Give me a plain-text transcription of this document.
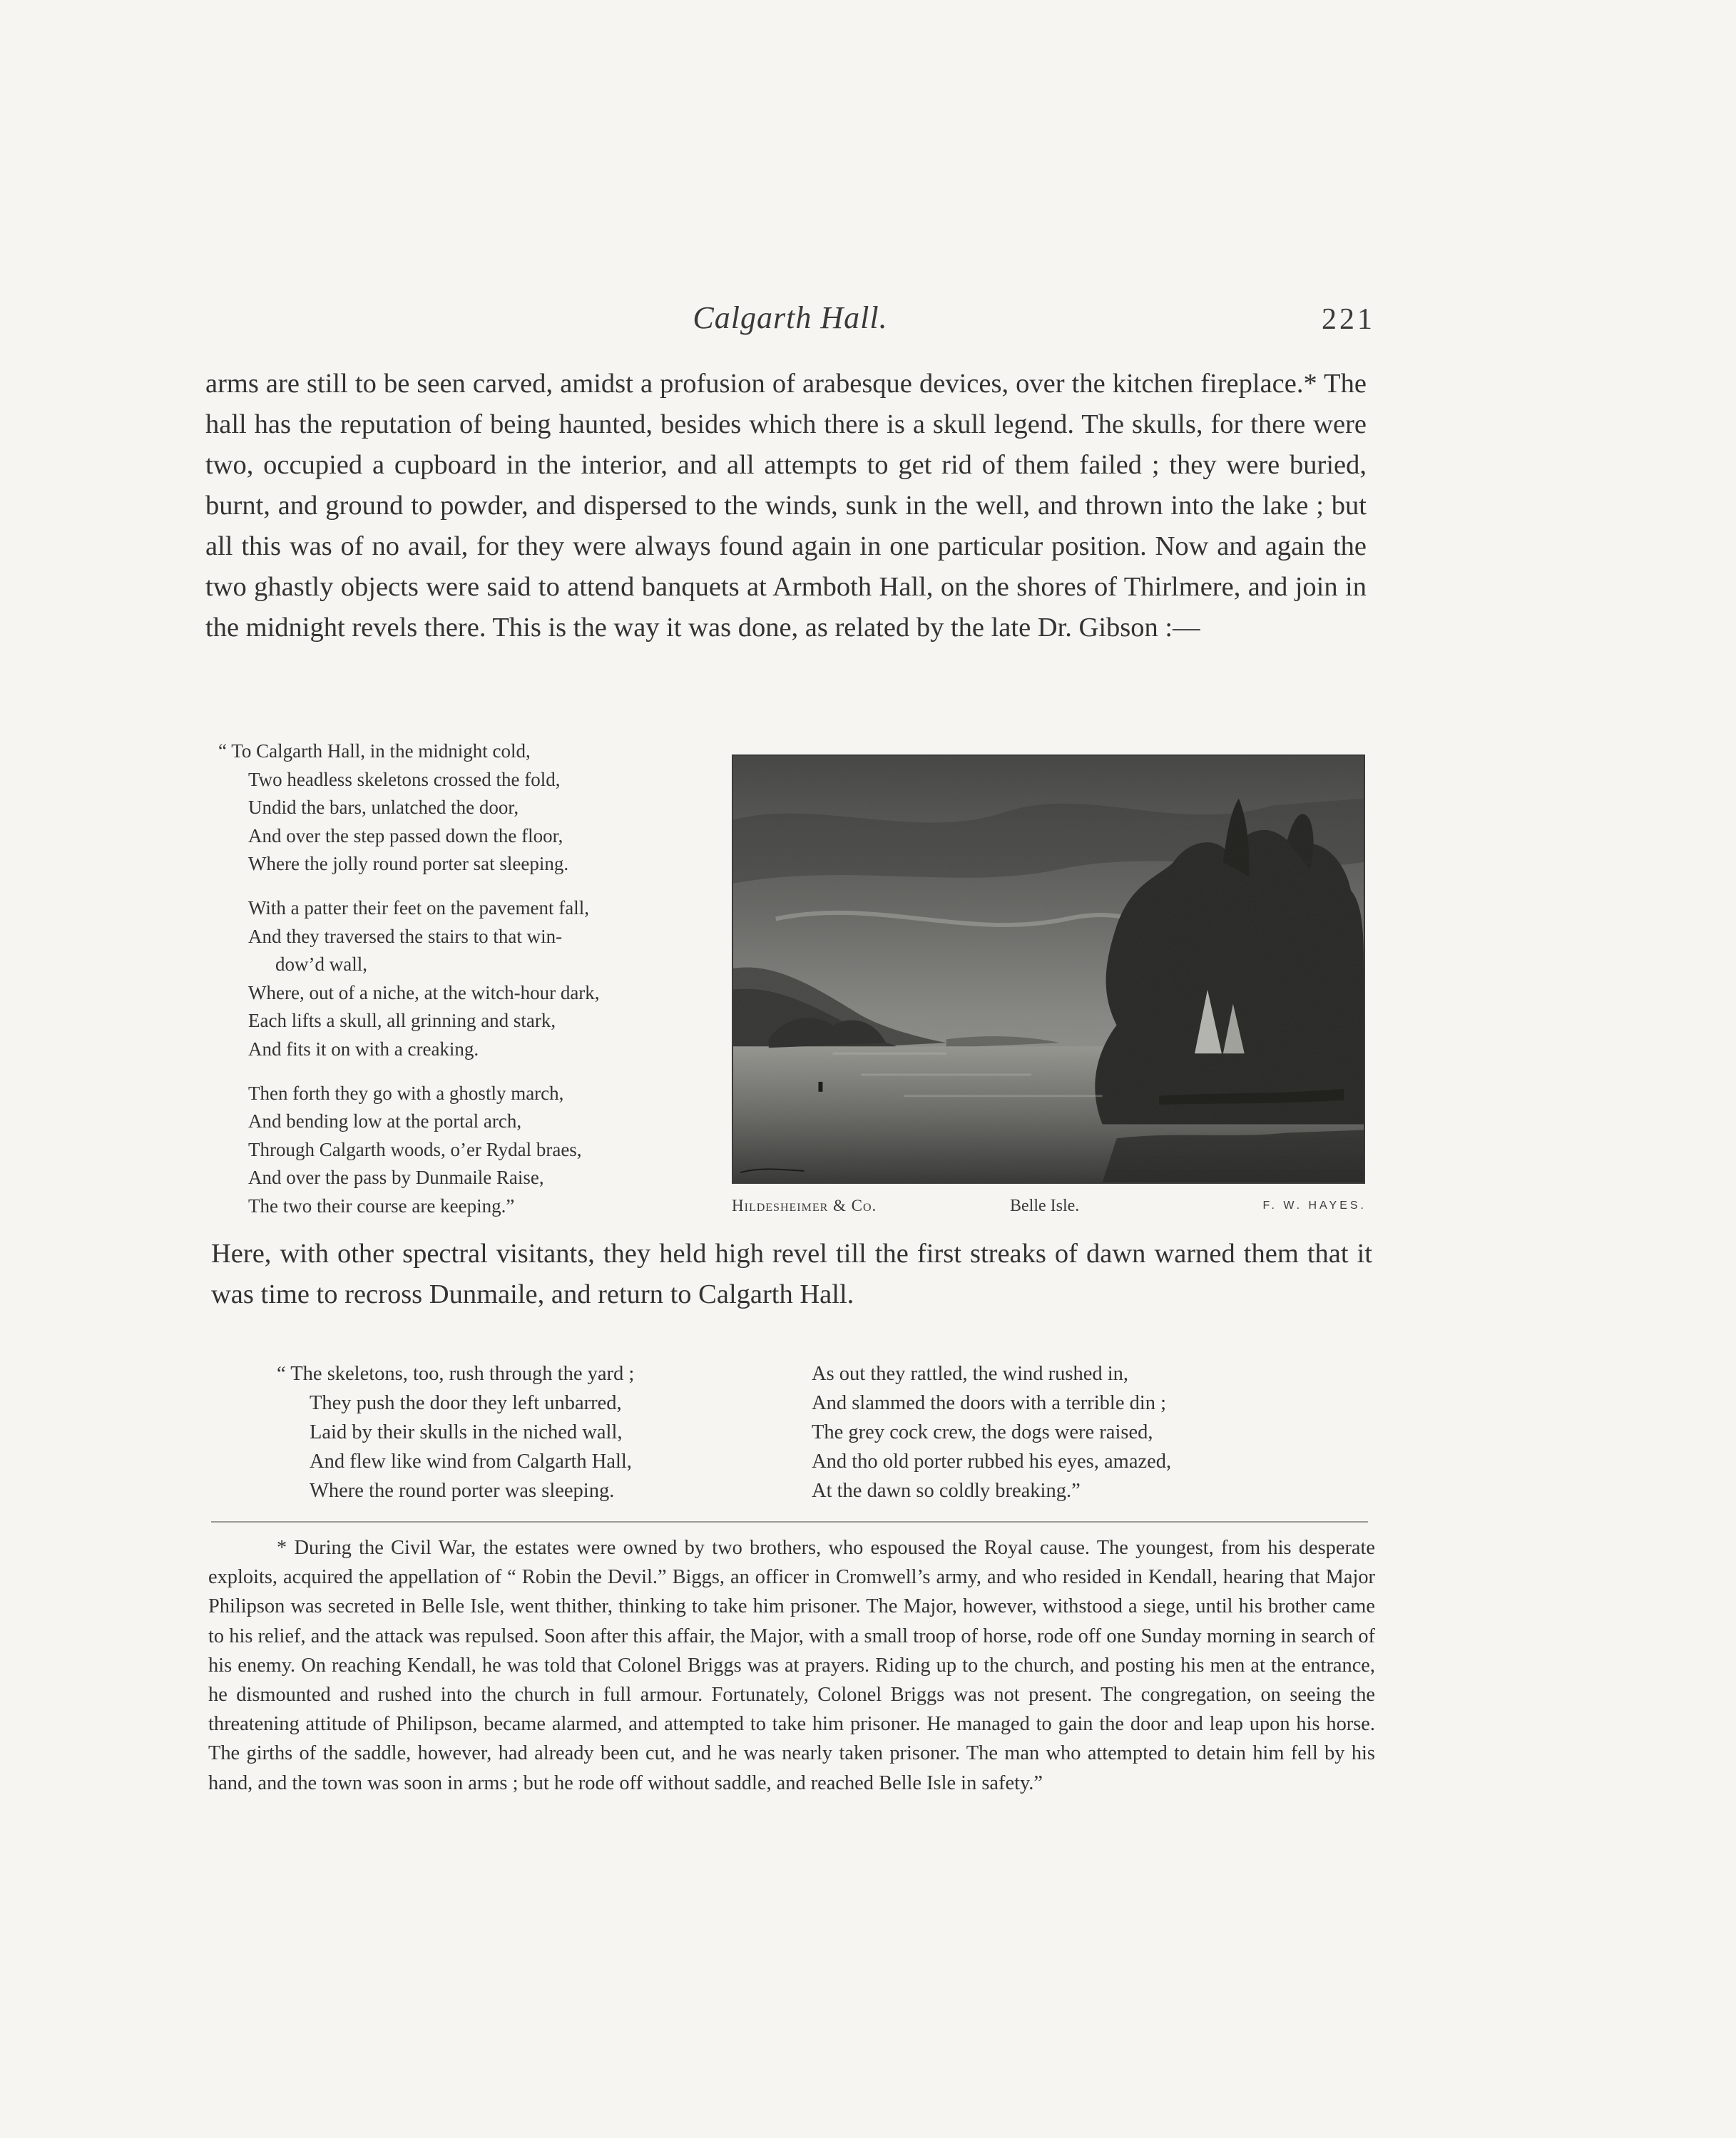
Calgarth Hall.	221

arms are still to be seen carved, amidst a profusion of arabesque devices, over the kitchen fireplace.* The hall has the reputation of being haunted, besides which there is a skull legend. The skulls, for there were two, occupied a cupboard in the interior, and all attempts to get rid of them failed ; they were buried, burnt, and ground to powder, and dispersed to the winds, sunk in the well, and thrown into the lake ; but all this was of no avail, for they were always found again in one particular position. Now and again the two ghastly objects were said to attend banquets at Armboth Hall, on the shores of Thirlmere, and join in the midnight revels there. This is the way it was done, as related by the late Dr. Gibson :—

“ To Calgarth Hall, in the midnight cold,
Two headless skeletons crossed the fold,
Undid the bars, unlatched the door,
And over the step passed down the floor,
Where the jolly round porter sat sleeping.
With a patter their feet on the pavement fall,
And they traversed the stairs to that win-
dow’d wall,
Where, out of a niche, at the witch-hour dark,
Each lifts a skull, all grinning and stark,
And fits it on with a creaking.
Then forth they go with a ghostly march,
And bending low at the portal arch,
Through Calgarth woods, o’er Rydal braes,
And over the pass by Dunmaile Raise,
The two their course are keeping.”	Hildesheimer & Co.	Belle Isle.	F. W. HAYES.

Here, with other spectral visitants, they held high revel till the first streaks of dawn warned them that it was time to recross Dunmaile, and return to Calgarth Hall.

“ The skeletons, too, rush through the yard ;
They push the door they left unbarred,
Laid by their skulls in the niched wall,
And flew like wind from Calgarth Hall,
Where the round porter was sleeping.
As out they rattled, the wind rushed in,
And slammed the doors with a terrible din ;
The grey cock crew, the dogs were raised,
And tho old porter rubbed his eyes, amazed,
At the dawn so coldly breaking.”

* During the Civil War, the estates were owned by two brothers, who espoused the Royal cause. The youngest, from his desperate exploits, acquired the appellation of “ Robin the Devil.” Biggs, an officer in Cromwell’s army, and who resided in Kendall, hearing that Major Philipson was secreted in Belle Isle, went thither, thinking to take him prisoner. The Major, however, withstood a siege, until his brother came to his relief, and the attack was repulsed. Soon after this affair, the Major, with a small troop of horse, rode off one Sunday morning in search of his enemy. On reaching Kendall, he was told that Colonel Briggs was at prayers. Riding up to the church, and posting his men at the entrance, he dismounted and rushed into the church in full armour. Fortunately, Colonel Briggs was not present. The congregation, on seeing the threatening attitude of Philipson, became alarmed, and attempted to take him prisoner. He managed to gain the door and leap upon his horse. The girths of the saddle, however, had already been cut, and he was nearly taken prisoner. The man who attempted to detain him fell by his hand, and the town was soon in arms ; but he rode off without saddle, and reached Belle Isle in safety.”
